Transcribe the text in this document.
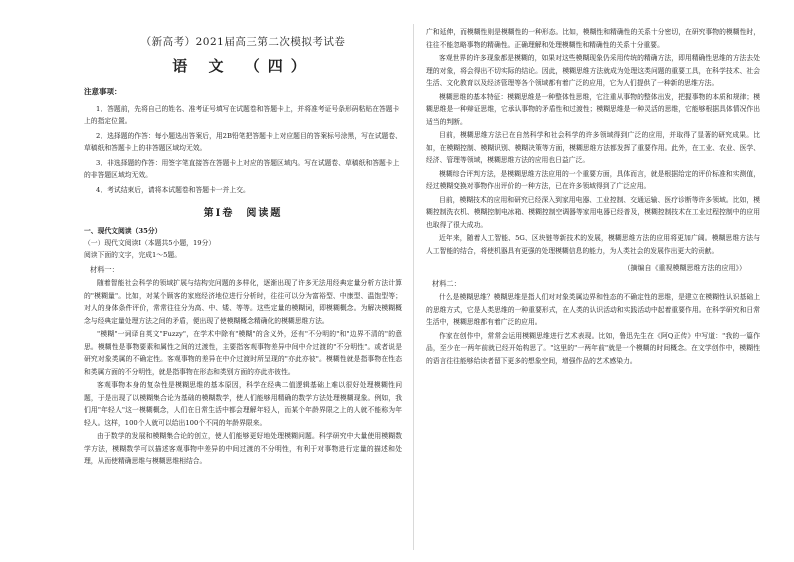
（新高考）2021届高三第二次模拟考试卷
语 文 （四）
注意事项：

1．答题前，先将自己的姓名、准考证号填写在试题卷和答题卡上，并将准考证号条形码粘贴在答题卡上的指定位置。

2．选择题的作答：每小题选出答案后，用2B铅笔把答题卡上对应题目的答案标号涂黑，写在试题卷、草稿纸和答题卡上的非答题区域均无效。

3．非选择题的作答：用签字笔直接答在答题卡上对应的答题区域内。写在试题卷、草稿纸和答题卡上的非答题区域均无效。

4．考试结束后，请将本试题卷和答题卡一并上交。

第Ⅰ卷　阅读题

一、现代文阅读（35分）

（一）现代文阅读Ⅰ（本题共5小题，19分）

阅读下面的文字，完成1～5题。

材料一：

随着智能社会科学的领域扩展与结构完问题的多样化，逐渐出现了许多无法用经典定量分析方法计算的"模糊量"。比如，对某个顾客的家庭经济地位进行分析时，往往可以分为富裕型、中康型、温饱型等；对人的身体条件评价，常常往往分为高、中、矮、等等。这些定量的模糊词，即模糊概念。为解决模糊概念与经典定量处理方法之间的矛盾，便出现了使模糊概念精确化的模糊思维方法。

"模糊"一词译自英文"Fuzzy"，在学术中除有"模糊"的含义外，还有"不分明的"和"边界不清的"的意思。模糊性是事物要素和属性之间的过渡性，主要指客观事物差异中间中介过渡的"不分明性"。或者说是研究对象类属的不确定性。客观事物的差异在中介过渡时所呈现的"亦此亦彼"。模糊性就是指事物在性态和类属方面的不分明性，就是指事物在形态和类别方面的亦此亦彼性。

客观事物本身的复杂性是模糊思维的基本原因，科学在经典二值逻辑基础上难以很好处理模糊性问题，于是出现了以模糊集合论为基础的模糊数学，使人们能够用精确的数学方法处理模糊现象。例如，我们用"年轻人"这一模糊概念，人们在日常生活中都会理解年轻人，而某个年龄界限之上的人就不能称为年轻人。这样，100个人就可以给出100个不同的年龄界限来。

由于数学的发展和模糊集合论的创立，使人们能够更好地处理模糊问题。科学研究中大量使用模糊数学方法，模糊数学可以描述客观事物中差异的中间过渡的不分明性，有利于对事物进行定量的描述和处理，从而使精确思维与模糊思维相结合。

广和延伸，而模糊性则是模糊性的一种形态。比如，模糊性和精确性的关系十分密切，在研究事物的模糊性时，往往不能忽略事物的精确性。正确理解和处理模糊性和精确性的关系十分重要。

客观世界的许多现象都是模糊的，如果对这些模糊现象仍采用传统的精确方法，即用精确性思维的方法去处理的对象，将会得出不切实际的结论。因此，模糊思维方法就成为处理这类问题的重要工具，在科学技术、社会生活、文化教育以及经济管理等各个领域都有着广泛的应用，它为人们提供了一种新的思维方法。

模糊思维的基本特征：模糊思维是一种整体性思维，它注重从事物的整体出发，把握事物的本质和规律；模糊思维是一种辩证思维，它承认事物的矛盾性和过渡性；模糊思维是一种灵活的思维，它能够根据具体情况作出适当的判断。

目前，模糊思维方法已在自然科学和社会科学的许多领域得到广泛的应用，并取得了显著的研究成果。比如，在模糊控制、模糊识别、模糊决策等方面，模糊思维方法都发挥了重要作用。此外，在工业、农业、医学、经济、管理等领域，模糊思维方法的应用也日益广泛。

模糊综合评判方法，是模糊思维方法应用的一个重要方面，具体而言，就是根据给定的评价标准和实测值，经过模糊变换对事物作出评价的一种方法，已在许多领域得到了广泛应用。

目前，模糊技术的应用和研究已经深入到家用电器、工业控制、交通运输、医疗诊断等许多领域。比如，模糊控制洗衣机、模糊控制电冰箱、模糊控制空调器等家用电器已经普及，模糊控制技术在工业过程控制中的应用也取得了很大成功。

近年来，随着人工智能、5G、区块链等新技术的发展，模糊思维方法的应用将更加广阔。模糊思维方法与人工智能的结合，将使机器具有更强的处理模糊信息的能力，为人类社会的发展作出更大的贡献。

（摘编自《重视模糊思维方法的应用》）
材料二：

什么是模糊思维？模糊思维是指人们对对象类属边界和性态的不确定性的思维，是建立在模糊性认识基础上的思维方式，它是人类思维的一种重要形式，在人类的认识活动和实践活动中起着重要作用。在科学研究和日常生活中，模糊思维都有着广泛的应用。

作家在创作中，常常会运用模糊思维进行艺术表现。比如，鲁迅先生在《阿Q正传》中写道："我的一篇作品，至少在一两年前就已经开始构思了。"这里的"一两年前"就是一个模糊的时间概念。在文学创作中，模糊性的语言往往能够给读者留下更多的想象空间，增强作品的艺术感染力。
